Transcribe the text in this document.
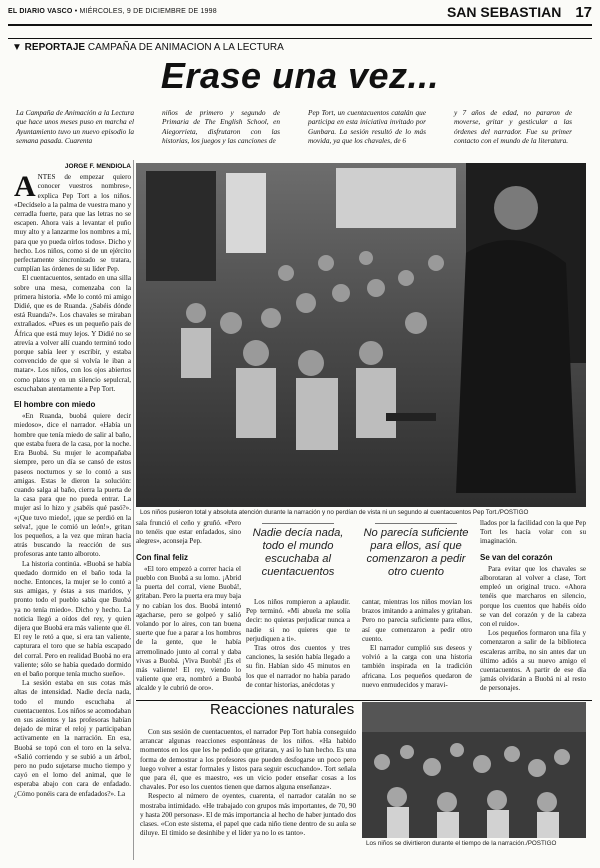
EL DIARIO VASCO • MIÉRCOLES, 9 DE DICIEMBRE DE 1998	SAN SEBASTIAN 17
▼ REPORTAJE CAMPAÑA DE ANIMACION A LA LECTURA
Erase una vez...
La Campaña de Animación a la Lectura que hace unos meses puso en marcha el Ayuntamiento tuvo un nuevo episodio la semana pasada. Cuarenta
niños de primero y segundo de Primaria de The English School, en Aiegorrieta, disfrutaron con las historias, los juegos y las canciones de
Pep Tort, un cuentacuentos catalán que participa en esta iniciativa invitado por Gunbara. La sesión resultó de lo más movida, ya que los chavales, de 6
y 7 años de edad, no pararon de moverse, gritar y gesticular a las órdenes del narrador. Fue su primer contacto con el mundo de la literatura.
JORGE F. MENDIOLA

ANTES de empezar quiero conocer vuestros nombres», explica Pep Tort a los niños. «Decídselo a la palma de vuestra mano y cerradla fuerte, para que las letras no se escapen. Ahora vais a levantar el puño muy alto y a lanzarme los nombres a mí, para que yo pueda oírlos todos». Dicho y hecho. Los niños, como si de un ejército perfectamente sincronizado se tratara, cumplían las órdenes de su líder Pep.

El cuentacuentos, sentado en una silla sobre una mesa, comenzaba con la primera historia. «Me lo contó mi amigo Didié, que es de Ruanda. ¿Sabéis dónde está Ruanda?». Los chavales se miraban extrañados. «Pues es un pequeño país de África que está muy lejos. Y Didié no se atrevía a volver allí cuando terminó todo porque sabía leer y escribir, y estaba convencido de que si volvía le iban a matar». Los niños, con los ojos abiertos como platos y en un silencio sepulcral, escuchaban atentamente a Pep Tort.

El hombre con miedo

«En Ruanda, buobá quiere decir miedoso», dice el narrador. «Había un hombre que tenía miedo de salir al baño, que estaba fuera de la casa, por la noche. Era Buobá. Su mujer le acompañaba siempre, pero un día se cansó de estos paseos nocturnos y se lo contó a sus amigas. Estas le dieron la solución: cuando salga al baño, cierra la puerta de la casa para que no pueda entrar. La mujer así lo hizo y ¿sabéis qué pasó?». «¡Que tuvo miedo!, ¡que se perdió en la selva!, ¡que le comió un león!», gritan los pequeños, a la vez que miran hacia atrás buscando la reacción de sus profesoras ante tanto alboroto.

La historia continúa. «Buobá se había quedado dormido en el baño toda la noche. Entonces, la mujer se lo contó a sus amigas, y éstas a sus maridos, y pronto todo el pueblo sabía que Buobá ya no tenía miedo». Dicho y hecho. La noticia llegó a oídos del rey, y quien dijera que Buobá era más valiente que él. El rey le retó a que, si era tan valiente, capturara el toro que se había escapado del corral. Pero en realidad Buobá no era valiente; sólo se había quedado dormido en el baño porque tenía mucho sueño».

La sesión estaba en sus cotas más altas de intensidad. Nadie decía nada, todo el mundo escuchaba al cuentacuentos. Los niños se acomodaban en sus asientos y las profesoras habían dejado de mirar el reloj y participaban activamente en la narración. En esa, Buobá se topó con el toro en la selva. «Salió corriendo y se subió a un árbol, pero no pudo sujetarse mucho tiempo y cayó en el lomo del animal, que le esperaba abajo con cara de enfadado. ¿Cómo ponéis cara de enfadados?». La

Los niños pusieron total y absoluta atención durante la narración y no perdían de vista ni un segundo al cuentacuentos Pep Tort./POSTIGO

sala frunció el ceño y gruñó. «Pero no tenéis que estar enfadados, sino alegres», aconseja Pep.

Con final feliz

«El toro empezó a correr hacia el pueblo con Buobá a su lomo. ¡Abrid la puerta del corral, viene Buobá!, gritaban. Pero la puerta era muy baja y no cabían los dos. Buobá intentó agacharse, pero se golpeó y salió volando por lo aires, con tan buena suerte que fue a parar a los hombros de la gente, que le había arremolinado junto al corral y daba vivas a Buobá. ¡Viva Buobá! ¡Es el más valiente! El rey, viendo lo valiente que era, nombró a Buobá alcalde y le cubrió de oro».

Nadie decía nada, todo el mundo escuchaba al cuentacuentos
No parecía suficiente para ellos, así que comenzaron a pedir otro cuento

Los niños rompieron a aplaudir. Pep terminó. «Mi abuela me solía decir: no quieras perjudicar nunca a nadie si no quieres que te perjudiquen a ti».

Tras otros dos cuentos y tres canciones, la sesión había llegado a su fin. Habían sido 45 minutos en los que el narrador no había parado de contar historias, anécdotas y

cantar, mientras los niños movían los brazos imitando a animales y gritaban. Pero no parecía suficiente para ellos, así que comenzaron a pedir otro cuento.

El narrador cumplió sus deseos y volvió a la carga con una historia también inspirada en la tradición africana. Los pequeños quedaron de nuevo enmudecidos y maravi-

llados por la facilidad con la que Pep Tort les hacía volar con su imaginación.

Se van del corazón

Para evitar que los chavales se alborotaran al volver a clase, Tort empleó un original truco. «Ahora tenéis que marcharos en silencio, porque los cuentos que habéis oído se van del corazón y de la cabeza con el ruido».

Los pequeños formaron una fila y comenzaron a salir de la biblioteca escaleras arriba, no sin antes dar un último adiós a su nuevo amigo el cuentacuentos. A partir de ese día jamás olvidarán a Buobá ni al resto de personajes.

Reacciones naturales

Con sus sesión de cuentacuentos, el narrador Pep Tort había conseguido arrancar algunas reacciones espontáneas de los niños. «Ha habido momentos en los que les he pedido que gritaran, y así lo han hecho. Es una forma de demostrar a los profesores que pueden desfogarse un poco pero luego volver a estar formales y listos para seguir escuchando». Tort señala que para él, que es maestro, «es un vicio poder enseñar cosas a los chavales. Por eso los cuentos tienen que darnos alguna enseñanza».

Respecto al número de oyentes, cuarenta, el narrador catalán no se mostraba intimidado. «He trabajado con grupos más importantes, de 70, 90 y hasta 200 personas». El de más importancia al hecho de haber juntado dos clases. «Con este sistema, el papel que cada niño tiene dentro de su aula se diluye. El tímido se desinhibe y el líder ya no lo es tanto».

Los niños se divirtieron durante el tiempo de la narración./POSTIGO
